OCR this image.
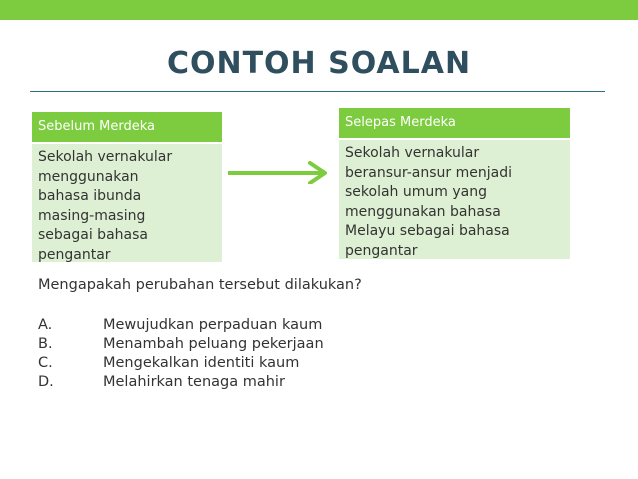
CONTOH SOALAN
Sebelum Merdeka
Sekolah vernakular
menggunakan
bahasa ibunda
masing-masing
sebagai bahasa
pengantar
Selepas Merdeka
Sekolah vernakular
beransur-ansur menjadi
sekolah umum yang
menggunakan bahasa
Melayu sebagai bahasa
pengantar
Mengapakah perubahan tersebut dilakukan?
A.	Mewujudkan perpaduan kaum
B.	Menambah peluang pekerjaan
C.	Mengekalkan identiti kaum
D.	Melahirkan tenaga mahir
